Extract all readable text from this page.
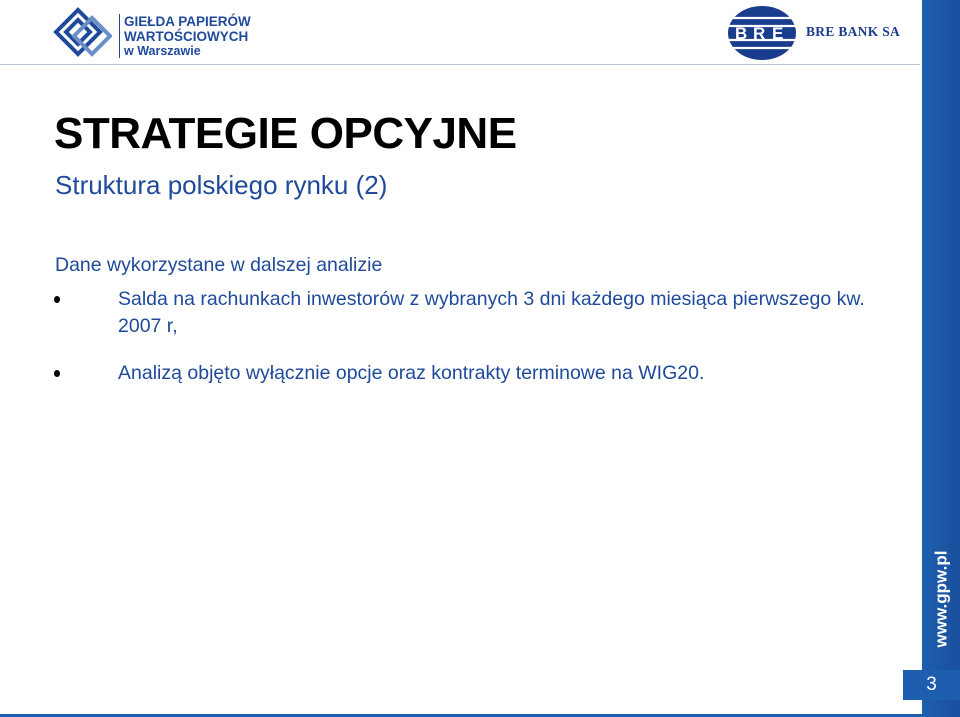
GIEŁDA PAPIERÓW
WARTOŚCIOWYCH
w Warszawie
B R E BRE BANK SA
STRATEGIE OPCYJNE
Struktura polskiego rynku (2)
Dane wykorzystane w dalszej analizie
Salda na rachunkach inwestorów z wybranych 3 dni każdego miesiąca pierwszego kw. 2007 r,
Analizą objęto wyłącznie opcje oraz kontrakty terminowe na WIG20.
www.gpw.pl
3
